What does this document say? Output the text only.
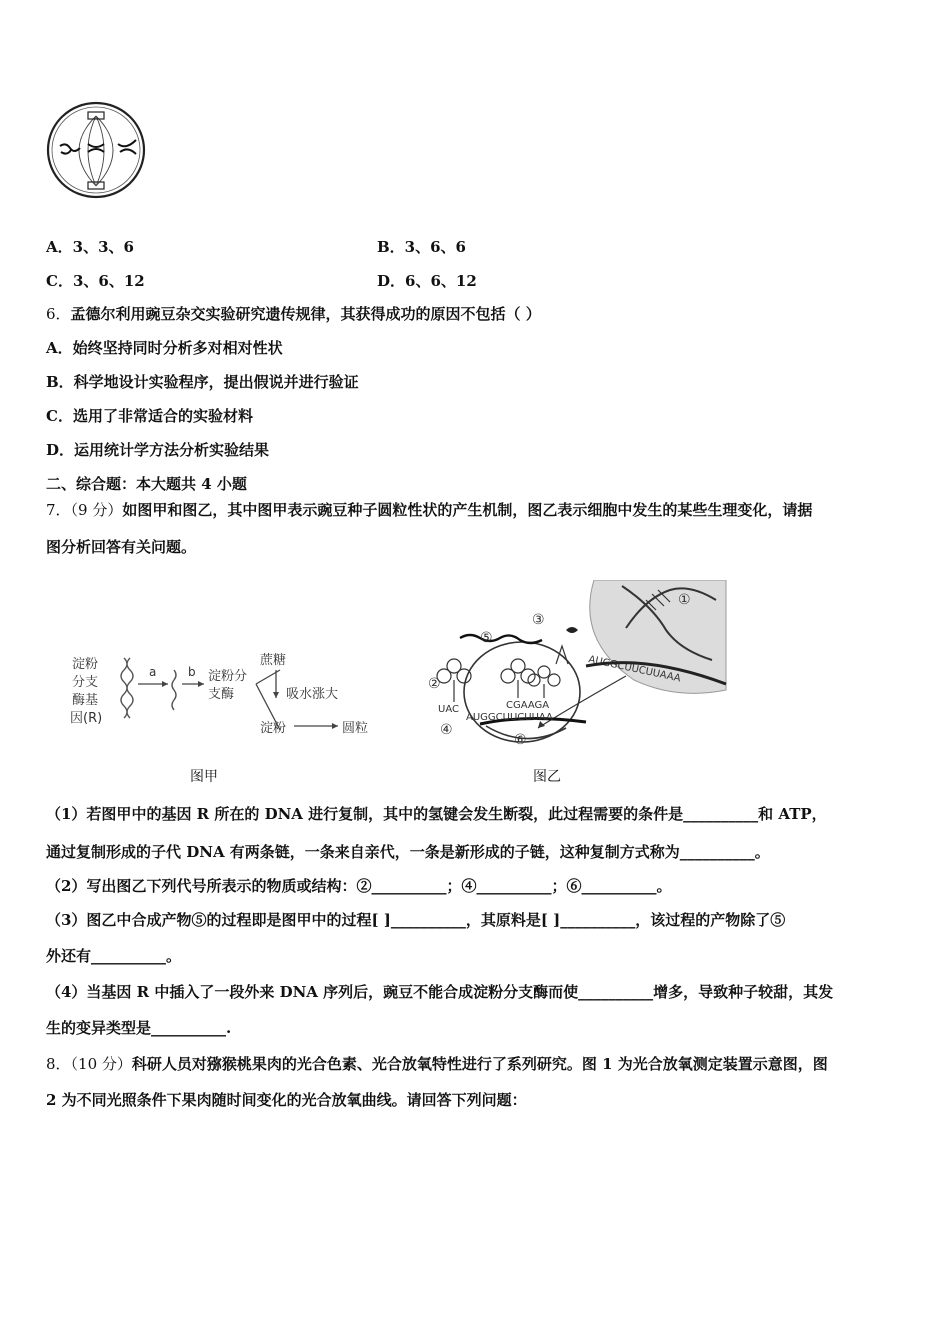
A．3、3、6	B．3、6、6
C．3、6、12	D．6、6、12
6．孟德尔利用豌豆杂交实验研究遗传规律，其获得成功的原因不包括（ ）
A．始终坚持同时分析多对相对性状
B．科学地设计实验程序，提出假说并进行验证
C．选用了非常适合的实验材料
D．运用统计学方法分析实验结果
二、综合题：本大题共 4 小题
7．（9 分）如图甲和图乙，其中图甲表示豌豆种子圆粒性状的产生机制，图乙表示细胞中发生的某些生理变化，请据
图分析回答有关问题。
淀粉
分支
酶基
因(R)
a	b 淀粉分
支酶
蔗糖
吸水涨大
淀粉	圆粒
图甲
①
AUGGCUUCUUAAA
AUGGCUUCUUAA
UAC	CGAAGA
②
③
④
⑤
⑥
图乙
（1）若图甲中的基因 R 所在的 DNA 进行复制，其中的氢键会发生断裂，此过程需要的条件是__________和 ATP，
通过复制形成的子代 DNA 有两条链，一条来自亲代，一条是新形成的子链，这种复制方式称为__________。
（2）写出图乙下列代号所表示的物质或结构：②__________；④__________；⑥__________。
（3）图乙中合成产物⑤的过程即是图甲中的过程[ ]__________，其原料是[ ]__________，该过程的产物除了⑤
外还有__________。
（4）当基因 R 中插入了一段外来 DNA 序列后，豌豆不能合成淀粉分支酶而使__________增多，导致种子较甜，其发
生的变异类型是__________.
8．（10 分）科研人员对猕猴桃果肉的光合色素、光合放氧特性进行了系列研究。图 1 为光合放氧测定装置示意图，图
2 为不同光照条件下果肉随时间变化的光合放氧曲线。请回答下列问题：
